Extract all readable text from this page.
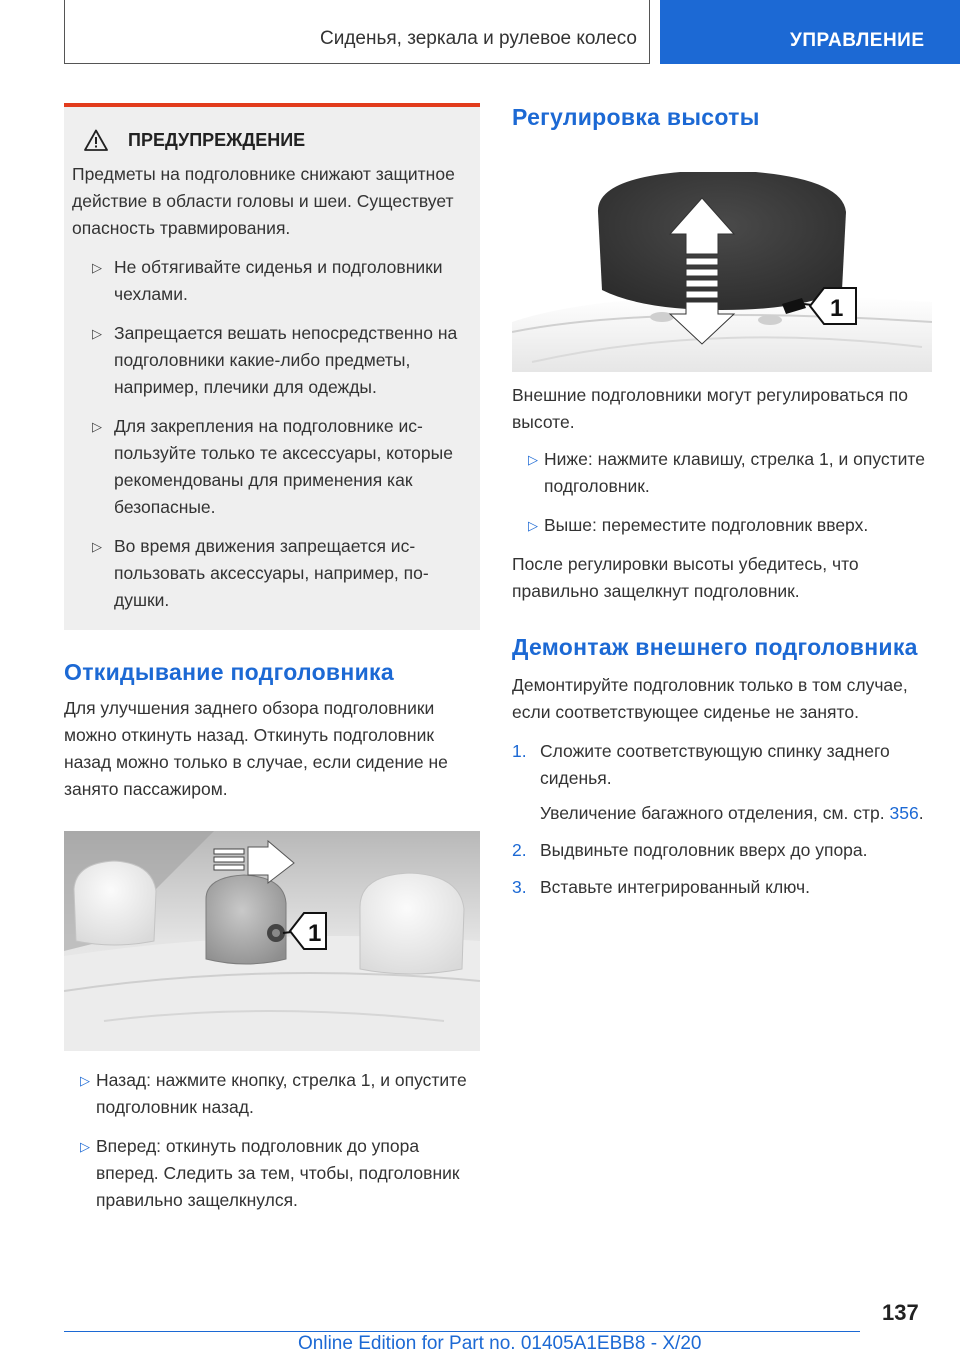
Сиденья, зеркала и рулевое колесо	УПРАВЛЕНИЕ
ПРЕДУПРЕЖДЕНИЕ
Предметы на подголовнике снижают защитное действие в области головы и шеи. Существует опасность травмирования.
▷ Не обтягивайте сиденья и подголовники чехлами.
▷ Запрещается вешать непосредственно на подголовники какие-либо предметы, например, плечики для одежды.
▷ Для закрепления на подголовнике используйте только те аксессуары, которые рекомендованы для применения как безопасные.
▷ Во время движения запрещается использовать аксессуары, например, подушки.
Откидывание подголовника
Для улучшения заднего обзора подголовники можно откинуть назад. Откинуть подголовник назад можно только в случае, если сидение не занято пассажиром.
1
▷ Назад: нажмите кнопку, стрелка 1, и опустите подголовник назад.
▷ Вперед: откинуть подголовник до упора вперед. Следить за тем, чтобы, подголовник правильно защелкнулся.
Регулировка высоты
1
Внешние подголовники могут регулироваться по высоте.
▷ Ниже: нажмите клавишу, стрелка 1, и опустите подголовник.
▷ Выше: переместите подголовник вверх.
После регулировки высоты убедитесь, что правильно защелкнут подголовник.
Демонтаж внешнего подголовника
Демонтируйте подголовник только в том случае, если соответствующее сиденье не занято.
1. Сложите соответствующую спинку заднего сиденья.
Увеличение багажного отделения, см. стр. 356.
2. Выдвиньте подголовник вверх до упора.
3. Вставьте интегрированный ключ.
137
Online Edition for Part no. 01405A1EBB8 - X/20
